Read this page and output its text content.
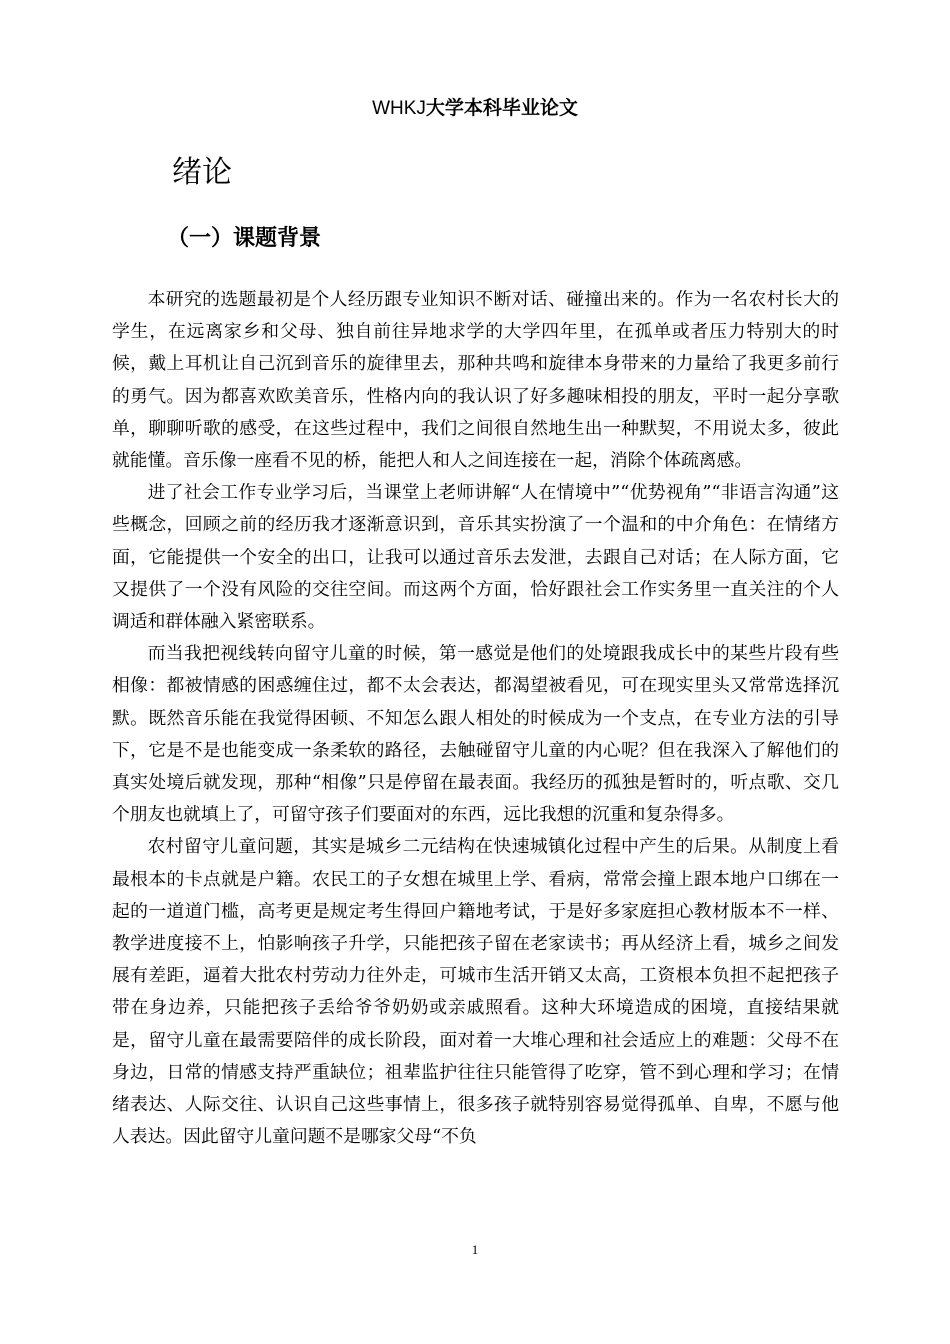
WHKJ大学本科毕业论文
绪论
（一）课题背景

本研究的选题最初是个人经历跟专业知识不断对话、碰撞出来的。作为一名农村长大的学生，在远离家乡和父母、独自前往异地求学的大学四年里，在孤单或者压力特别大的时候，戴上耳机让自己沉到音乐的旋律里去，那种共鸣和旋律本身带来的力量给了我更多前行的勇气。因为都喜欢欧美音乐，性格内向的我认识了好多趣味相投的朋友，平时一起分享歌单，聊聊听歌的感受，在这些过程中，我们之间很自然地生出一种默契，不用说太多，彼此就能懂。音乐像一座看不见的桥，能把人和人之间连接在一起，消除个体疏离感。

进了社会工作专业学习后，当课堂上老师讲解“人在情境中”“优势视角”“非语言沟通”这些概念，回顾之前的经历我才逐渐意识到，音乐其实扮演了一个温和的中介角色：在情绪方面，它能提供一个安全的出口，让我可以通过音乐去发泄，去跟自己对话；在人际方面，它又提供了一个没有风险的交往空间。而这两个方面，恰好跟社会工作实务里一直关注的个人调适和群体融入紧密联系。

而当我把视线转向留守儿童的时候，第一感觉是他们的处境跟我成长中的某些片段有些相像：都被情感的困惑缠住过，都不太会表达，都渴望被看见，可在现实里头又常常选择沉默。既然音乐能在我觉得困顿、不知怎么跟人相处的时候成为一个支点，在专业方法的引导下，它是不是也能变成一条柔软的路径，去触碰留守儿童的内心呢？但在我深入了解他们的真实处境后就发现，那种“相像”只是停留在最表面。我经历的孤独是暂时的，听点歌、交几个朋友也就填上了，可留守孩子们要面对的东西，远比我想的沉重和复杂得多。

农村留守儿童问题，其实是城乡二元结构在快速城镇化过程中产生的后果。从制度上看最根本的卡点就是户籍。农民工的子女想在城里上学、看病，常常会撞上跟本地户口绑在一起的一道道门槛，高考更是规定考生得回户籍地考试，于是好多家庭担心教材版本不一样、教学进度接不上，怕影响孩子升学，只能把孩子留在老家读书；再从经济上看，城乡之间发展有差距，逼着大批农村劳动力往外走，可城市生活开销又太高，工资根本负担不起把孩子带在身边养，只能把孩子丢给爷爷奶奶或亲戚照看。这种大环境造成的困境，直接结果就是，留守儿童在最需要陪伴的成长阶段，面对着一大堆心理和社会适应上的难题：父母不在身边，日常的情感支持严重缺位；祖辈监护往往只能管得了吃穿，管不到心理和学习；在情绪表达、人际交往、认识自己这些事情上，很多孩子就特别容易觉得孤单、自卑，不愿与他人表达。因此留守儿童问题不是哪家父母“不负

1
